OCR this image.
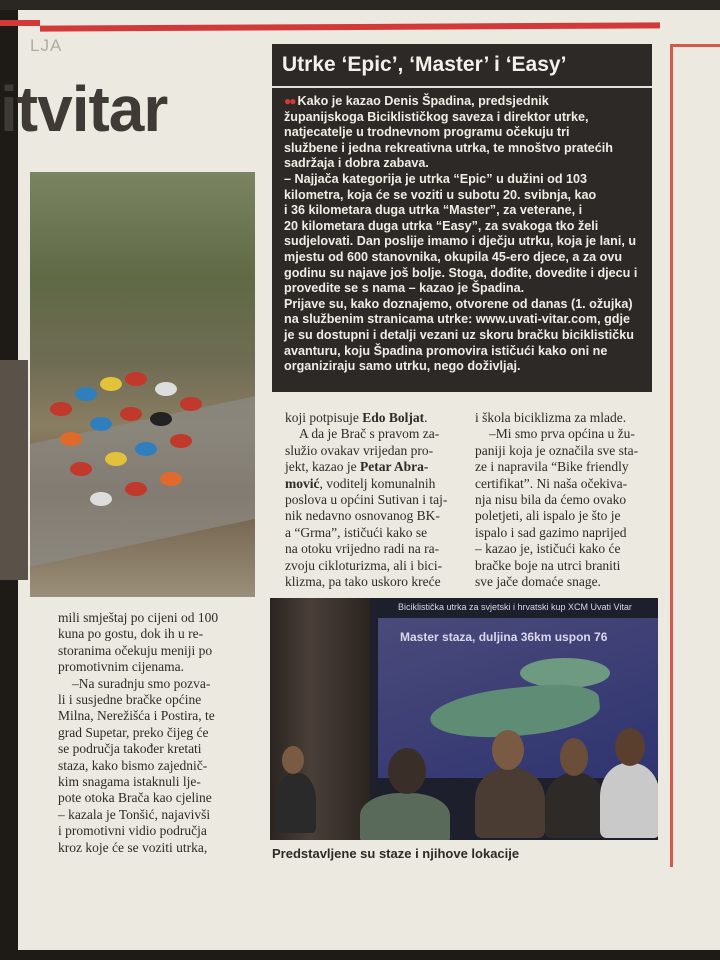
LJA
itvitar
Utrke ‘Epic’, ‘Master’ i ‘Easy’

●● Kako je kazao Denis Špadina, predsjednik

županijskoga Biciklističkog saveza i direktor utrke,

natjecatelje u trodnevnom programu očekuju tri

službene i jedna rekreativna utrka, te mnoštvo pratećih

sadržaja i dobra zabava.

– Najjača kategorija je utrka “Epic” u dužini od 103

kilometra, koja će se voziti u subotu 20. svibnja, kao

i 36 kilometara duga utrka “Master”, za veterane, i

20 kilometara duga utrka “Easy”, za svakoga tko želi

sudjelovati. Dan poslije imamo i dječju utrku, koja je lani, u

mjestu od 600 stanovnika, okupila 45-ero djece, a za ovu

godinu su najave još bolje. Stoga, dođite, dovedite i djecu i

provedite se s nama – kazao je Špadina.

Prijave su, kako doznajemo, otvorene od danas (1. ožujka)

na službenim stranicama utrke: www.uvati-vitar.com, gdje

je su dostupni i detalji vezani uz skoru bračku biciklističku

avanturu, koju Špadina promovira ističući kako oni ne

organiziraju samo utrku, nego doživljaj.

koji potpisuje Edo Boljat.

A da je Brač s pravom za-

služio ovakav vrijedan pro-

jekt, kazao je Petar Abra-

mović, voditelj komunalnih

poslova u općini Sutivan i taj-

nik nedavno osnovanog BK-

a “Grma”, ističući kako se

na otoku vrijedno radi na ra-

zvoju cikloturizma, ali i bici-

klizma, pa tako uskoro kreće

i škola biciklizma za mlade.

–Mi smo prva općina u žu-

paniji koja je označila sve sta-

ze i napravila “Bike friendly

certifikat”. Ni naša očekiva-

nja nisu bila da ćemo ovako

poletjeti, ali ispalo je što je

ispalo i sad gazimo naprijed

– kazao je, ističući kako će

bračke boje na utrci braniti

sve jače domaće snage.

mili smještaj po cijeni od 100

kuna po gostu, dok ih u re-

storanima očekuju meniji po

promotivnim cijenama.

–Na suradnju smo pozva-

li i susjedne bračke općine

Milna, Nerežišća i Postira, te

grad Supetar, preko čijeg će

se područja također kretati

staza, kako bismo zajednič-

kim snagama istaknuli lje-

pote otoka Brača kao cjeline

– kazala je Tonšić, najavivši

i promotivni vidio područja

kroz koje će se voziti utrka,

Biciklistička utrka za svjetski i hrvatski kup XCM Uvati Vitar
Master staza, duljina 36km uspon 76
Predstavljene su staze i njihove lokacije
